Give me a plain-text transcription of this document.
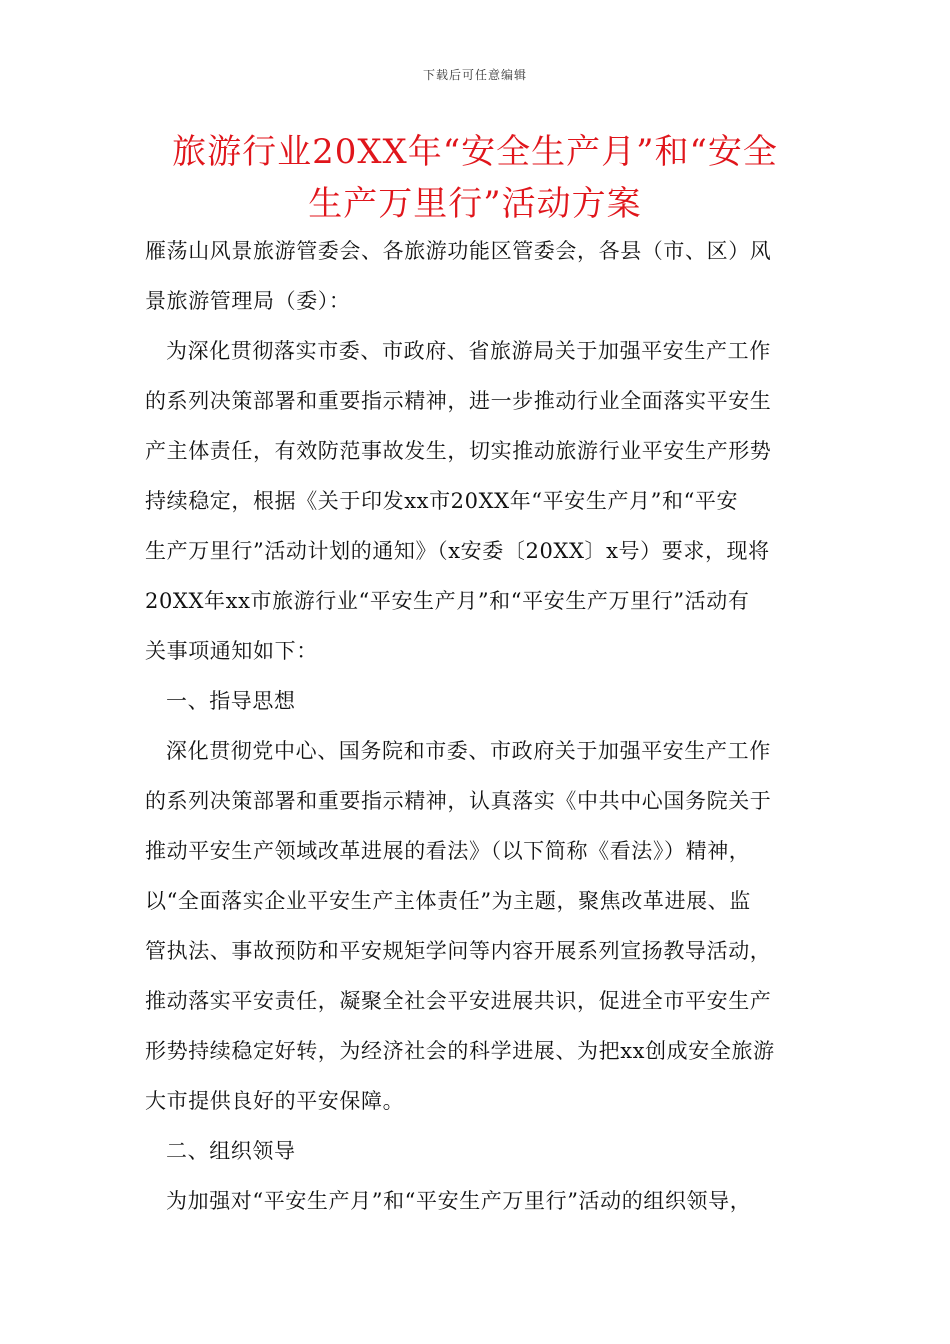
下载后可任意编辑
旅游行业20XX年“安全生产月”和“安全
生产万里行”活动方案
雁荡山风景旅游管委会、各旅游功能区管委会，各县（市、区）风
景旅游管理局（委）：
为深化贯彻落实市委、市政府、省旅游局关于加强平安生产工作
的系列决策部署和重要指示精神，进一步推动行业全面落实平安生
产主体责任，有效防范事故发生，切实推动旅游行业平安生产形势
持续稳定，根据《关于印发xx市20XX年“平安生产月”和“平安
生产万里行”活动计划的通知》（x安委〔20XX〕x号）要求，现将
20XX年xx市旅游行业“平安生产月”和“平安生产万里行”活动有
关事项通知如下：
一、指导思想
深化贯彻党中心、国务院和市委、市政府关于加强平安生产工作
的系列决策部署和重要指示精神，认真落实《中共中心国务院关于
推动平安生产领域改革进展的看法》（以下简称《看法》）精神，
以“全面落实企业平安生产主体责任”为主题，聚焦改革进展、监
管执法、事故预防和平安规矩学问等内容开展系列宣扬教导活动，
推动落实平安责任，凝聚全社会平安进展共识，促进全市平安生产
形势持续稳定好转，为经济社会的科学进展、为把xx创成安全旅游
大市提供良好的平安保障。
二、组织领导
为加强对“平安生产月”和“平安生产万里行”活动的组织领导，
